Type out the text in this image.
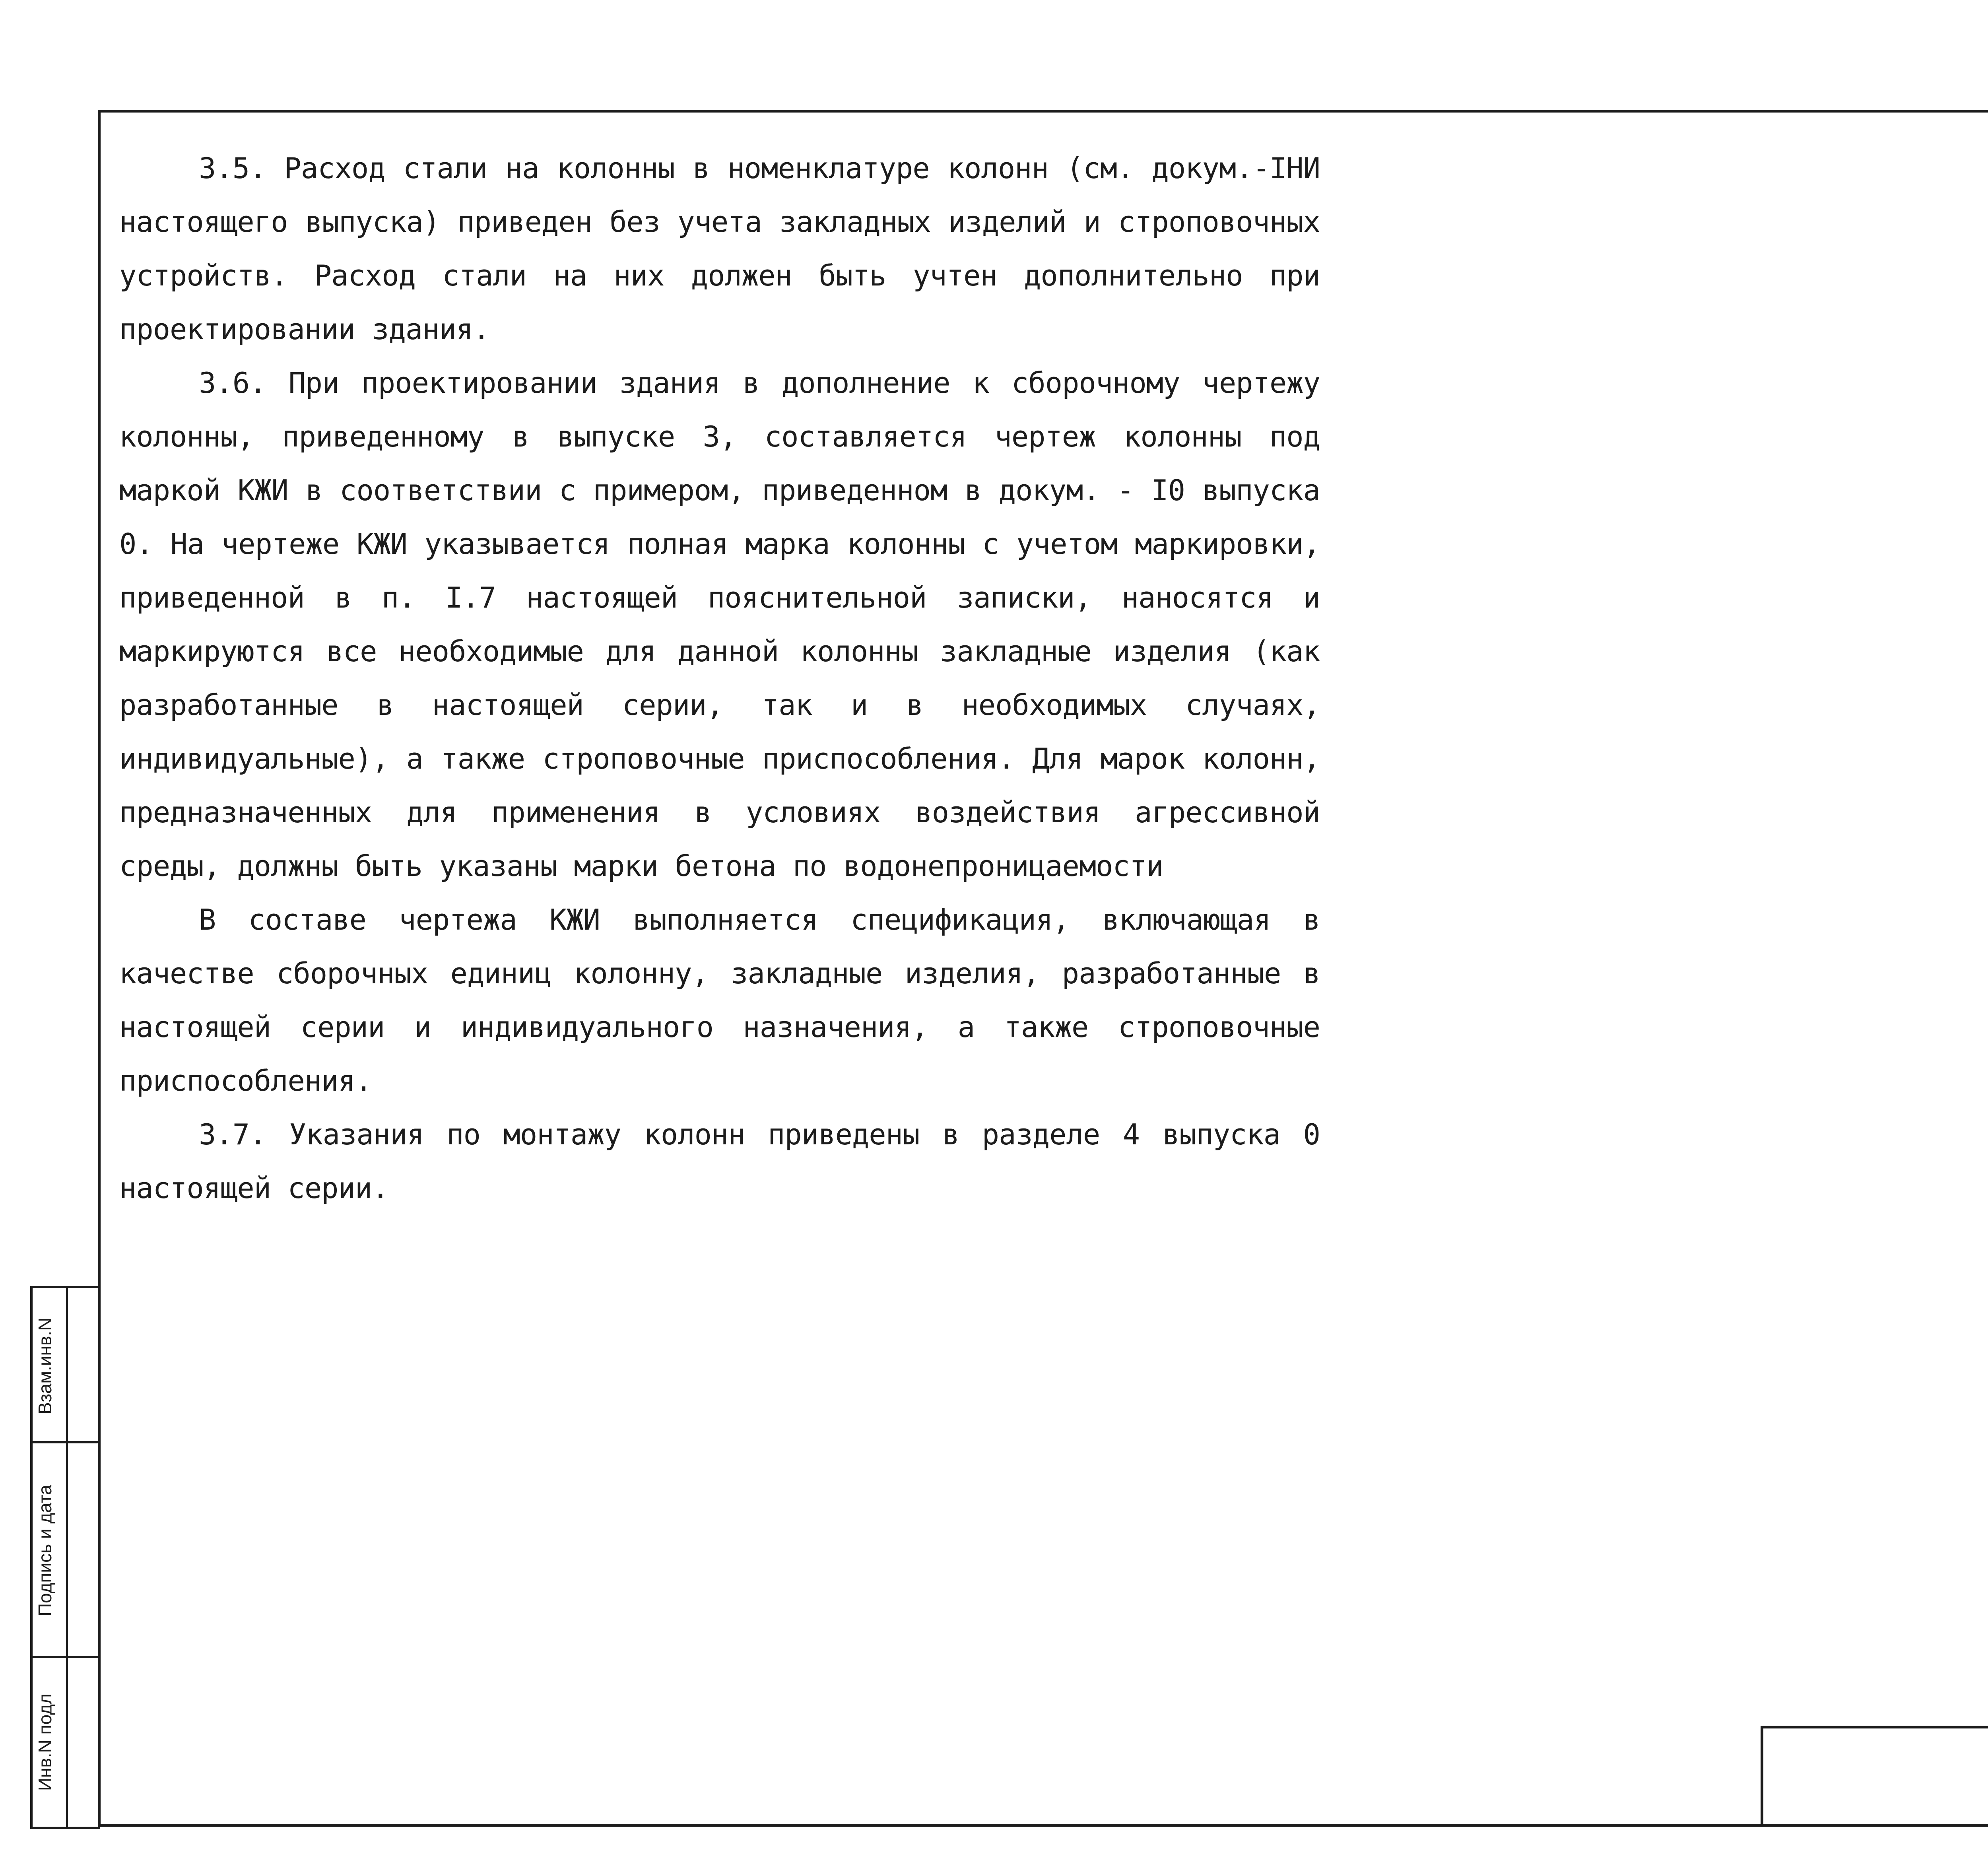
3.5. Расход стали на колонны в номенклатуре колонн (см. докум.-IНИ настоящего выпуска) приведен без учета закладных изделий и строповочных устройств. Расход стали на них должен быть учтен дополнительно при проектировании здания.

3.6. При проектировании здания в дополнение к сборочному чертежу колонны, приведенному в выпуске 3, составляется чертеж колонны под маркой КЖИ в соответствии с примером, приведенном в докум. - I0 выпуска 0. На чертеже КЖИ указывается полная марка колонны с учетом маркировки, приведенной в п. I.7 настоящей пояснительной записки, наносятся и маркируются все необходимые для данной колонны закладные изделия (как разработанные в настоящей серии, так и в необходимых случаях, индивидуальные), а также строповочные приспособления. Для марок колонн, предназначенных для применения в условиях воздействия агрессивной среды, должны быть указаны марки бетона по водонепроницаемости

В составе чертежа КЖИ выполняется спецификация, включающая в качестве сборочных единиц колонну, закладные изделия, разработанные в настоящей серии и индивидуального назначения, а также строповочные приспособления.

3.7. Указания по монтажу колонн приведены в разделе 4 выпуска 0 настоящей серии.

Взам.инв.N
Подпись и дата
Инв.N подл
